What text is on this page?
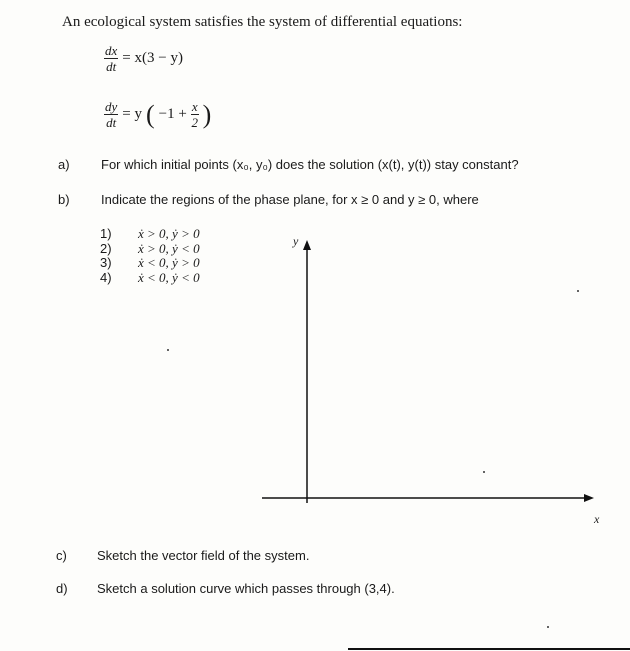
An ecological system satisfies the system of differential equations:
$\frac{dx}{dt} = x(3 - y)$
$\frac{dy}{dt} = y$ ( $-1 + \frac{x}{2}$ )
a) For which initial points (x₀, y₀) does the solution (x(t), y(t)) stay constant?
b) Indicate the regions of the phase plane, for x ≥ 0 and y ≥ 0, where
1)	ẋ > 0, ẏ > 0
2)	ẋ > 0, ẏ < 0
3)	ẋ < 0, ẏ > 0
4)	ẋ < 0, ẏ < 0
y
x
c) Sketch the vector field of the system.
d) Sketch a solution curve which passes through (3,4).
